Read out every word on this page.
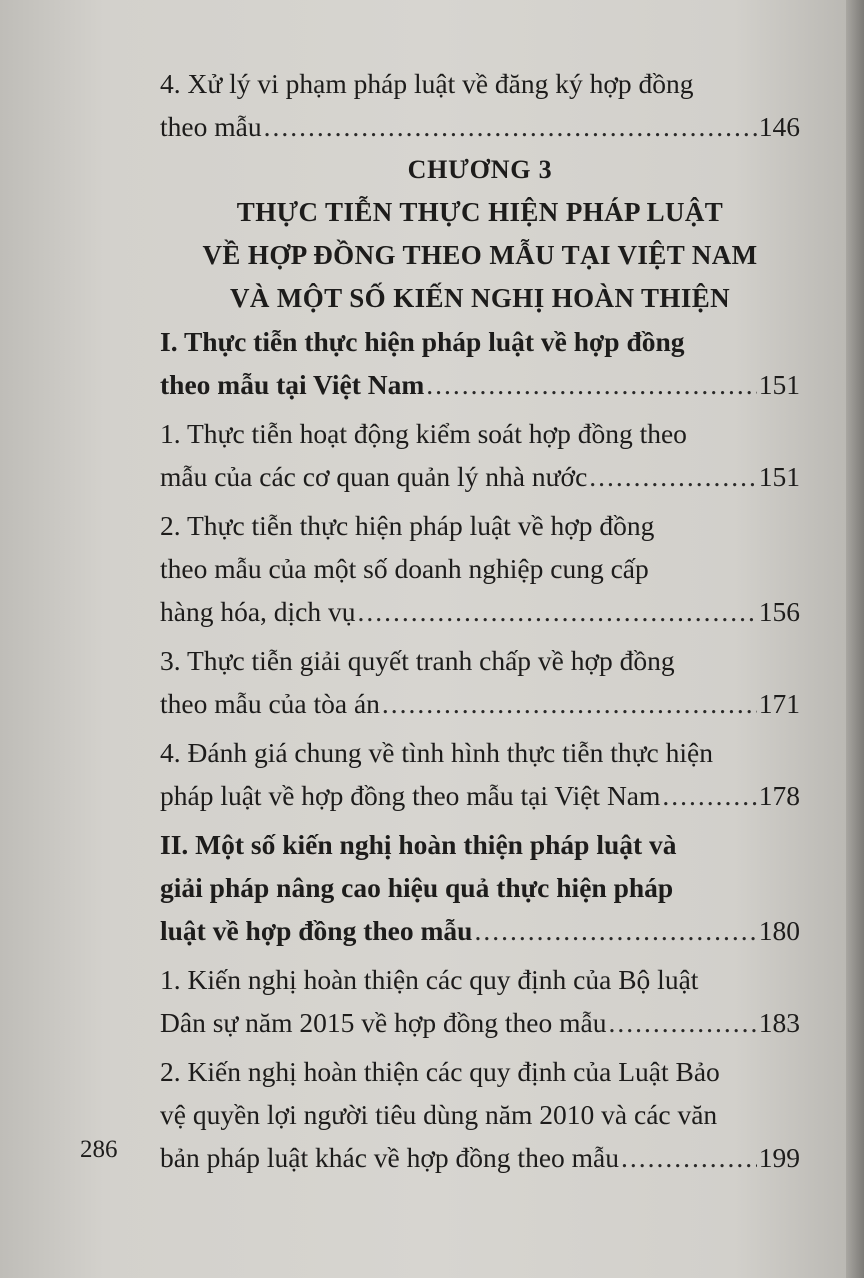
4. Xử lý vi phạm pháp luật về đăng ký hợp đồng
theo mẫu .....	146
CHƯƠNG 3
THỰC TIỄN THỰC HIỆN PHÁP LUẬT
VỀ HỢP ĐỒNG THEO MẪU TẠI VIỆT NAM
VÀ MỘT SỐ KIẾN NGHỊ HOÀN THIỆN
I. Thực tiễn thực hiện pháp luật về hợp đồng
theo mẫu tại Việt Nam .....	151
1. Thực tiễn hoạt động kiểm soát hợp đồng theo
mẫu của các cơ quan quản lý nhà nước .....	151
2. Thực tiễn thực hiện pháp luật về hợp đồng
theo mẫu của một số doanh nghiệp cung cấp
hàng hóa, dịch vụ .....	156
3. Thực tiễn giải quyết tranh chấp về hợp đồng
theo mẫu của tòa án .....	171
4. Đánh giá chung về tình hình thực tiễn thực hiện
pháp luật về hợp đồng theo mẫu tại Việt Nam .....	178
II. Một số kiến nghị hoàn thiện pháp luật và
giải pháp nâng cao hiệu quả thực hiện pháp
luật về hợp đồng theo mẫu .....	180
1. Kiến nghị hoàn thiện các quy định của Bộ luật
Dân sự năm 2015 về hợp đồng theo mẫu .....	183
2. Kiến nghị hoàn thiện các quy định của Luật Bảo
vệ quyền lợi người tiêu dùng năm 2010 và các văn
bản pháp luật khác về hợp đồng theo mẫu .....	199
286
